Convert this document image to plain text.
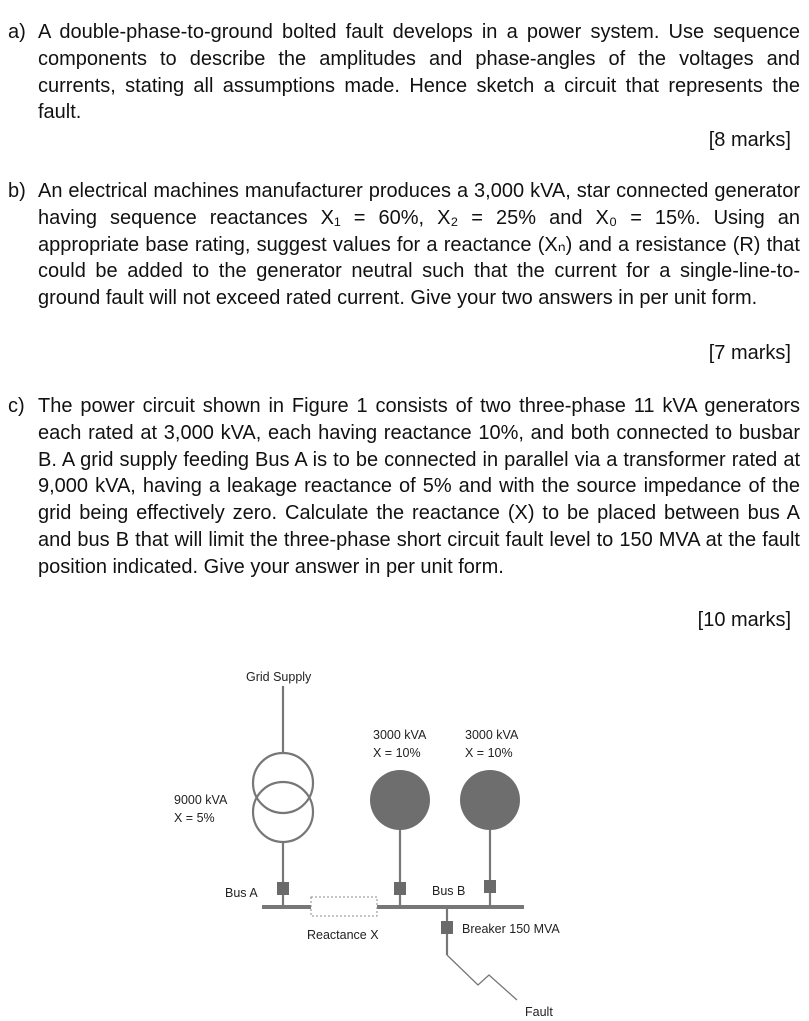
a) A double-phase-to-ground bolted fault develops in a power system. Use sequence components to describe the amplitudes and phase-angles of the voltages and currents, stating all assumptions made. Hence sketch a circuit that represents the fault.
[8 marks]
b) An electrical machines manufacturer produces a 3,000 kVA, star connected generator having sequence reactances X₁ = 60%, X₂ = 25% and X₀ = 15%. Using an appropriate base rating, suggest values for a reactance (Xₙ) and a resistance (R) that could be added to the generator neutral such that the current for a single-line-to-ground fault will not exceed rated current. Give your two answers in per unit form.
[7 marks]
c) The power circuit shown in Figure 1 consists of two three-phase 11 kVA generators each rated at 3,000 kVA, each having reactance 10%, and both connected to busbar B. A grid supply feeding Bus A is to be connected in parallel via a transformer rated at 9,000 kVA, having a leakage reactance of 5% and with the source impedance of the grid being effectively zero. Calculate the reactance (X) to be placed between bus A and bus B that will limit the three-phase short circuit fault level to 150 MVA at the fault position indicated. Give your answer in per unit form.
[10 marks]
Grid Supply
9000 kVA
X = 5%
3000 kVA
X = 10%
3000 kVA
X = 10%
Bus A	Bus B
Reactance X	Breaker 150 MVA
Fault
